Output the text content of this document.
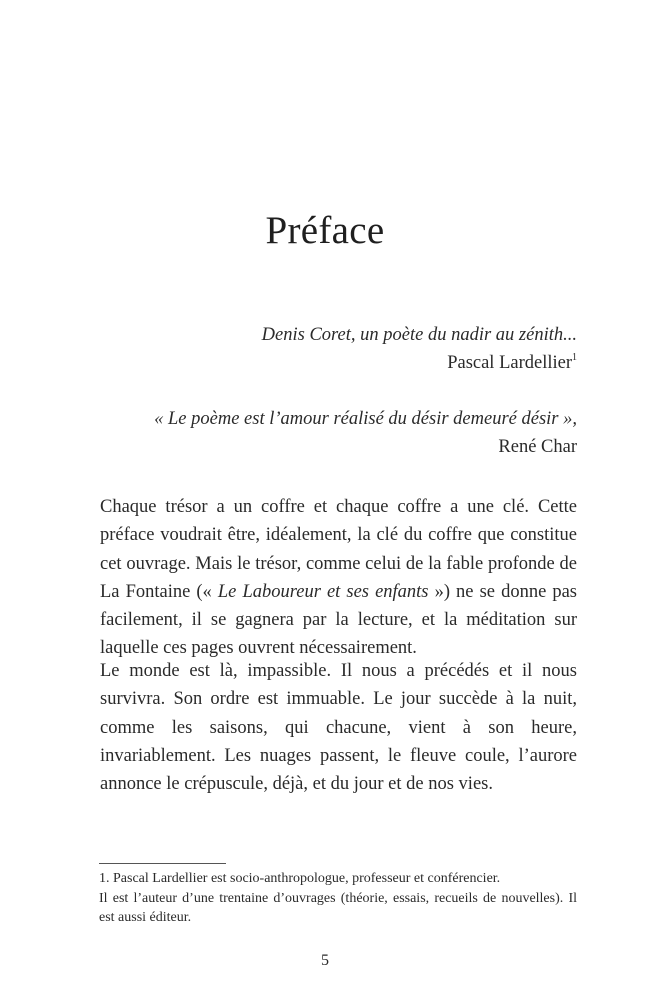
Préface
Denis Coret, un poète du nadir au zénith...
Pascal Lardellier$^1$
« Le poème est l’amour réalisé du désir demeuré désir »,
René Char

Chaque trésor a un coffre et chaque coffre a une clé. Cette préface voudrait être, idéalement, la clé du coffre que constitue cet ouvrage. Mais le trésor, comme celui de la fable profonde de La Fontaine (« Le Laboureur et ses enfants ») ne se donne pas facilement, il se gagnera par la lecture, et la méditation sur laquelle ces pages ouvrent nécessairement.

Le monde est là, impassible. Il nous a précédés et il nous survivra. Son ordre est immuable. Le jour succède à la nuit, comme les saisons, qui chacune, vient à son heure, invariablement. Les nuages passent, le fleuve coule, l’aurore annonce le crépuscule, déjà, et du jour et de nos vies.

1. Pascal Lardellier est socio-anthropologue, professeur et conférencier.

Il est l’auteur d’une trentaine d’ouvrages (théorie, essais, recueils de nouvelles). Il est aussi éditeur.

5
